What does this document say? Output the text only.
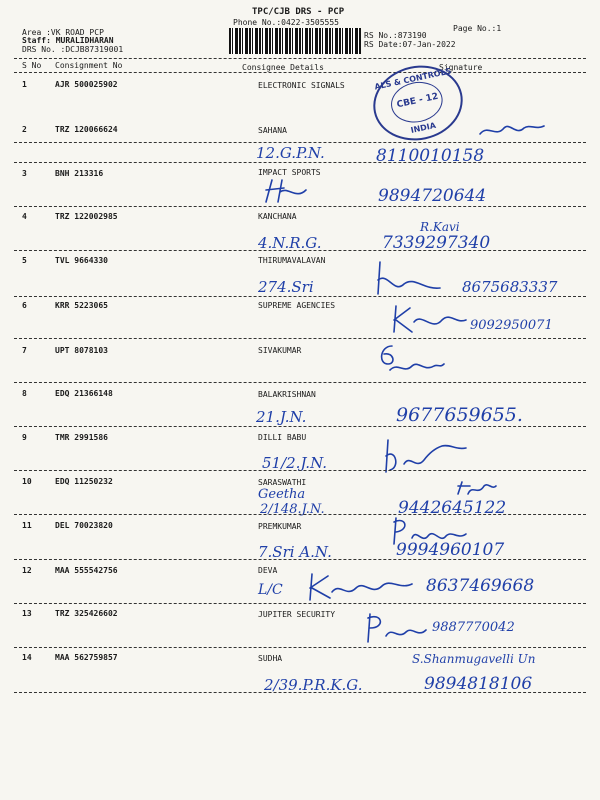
TPC/CJB DRS - PCP
Phone No.:0422-3505555
Page No.:1
Area :VK ROAD PCP
Staff: MURALIDHARAN
DRS No. :DCJB87319001
RS No.:873190
RS Date:07-Jan-2022
S No Consignment No	Consignee Details	Signature
ALS & CONTROLS
CBE - 12
INDIA
1	AJR 500025902	ELECTRONIC SIGNALS
2	TRZ 120066624	SAHANA
12.G.P.N.	8110010158
3	BNH 213316	IMPACT SPORTS
9894720644
4	TRZ 122002985	KANCHANA
R.Kavi
4.N.R.G.	7339297340
5	TVL 9664330	THIRUMAVALAVAN
274.Sri	8675683337
6	KRR 5223065	SUPREME AGENCIES
9092950071
7	UPT 8078103	SIVAKUMAR
8	EDQ 21366148	BALAKRISHNAN
21.J.N.	9677659655.
9	TMR 2991586	DILLI BABU
51/2.J.N.
10	EDQ 11250232	SARASWATHI
Geetha
2/148.J.N.	9442645122
11	DEL 70023820	PREMKUMAR
7.Sri A.N.	9994960107
12	MAA 555542756	DEVA
L/C	8637469668
13	TRZ 325426602	JUPITER SECURITY
9887770042
14	MAA 562759857	SUDHA	S.Shanmugavelli Un
2/39.P.R.K.G.	9894818106
